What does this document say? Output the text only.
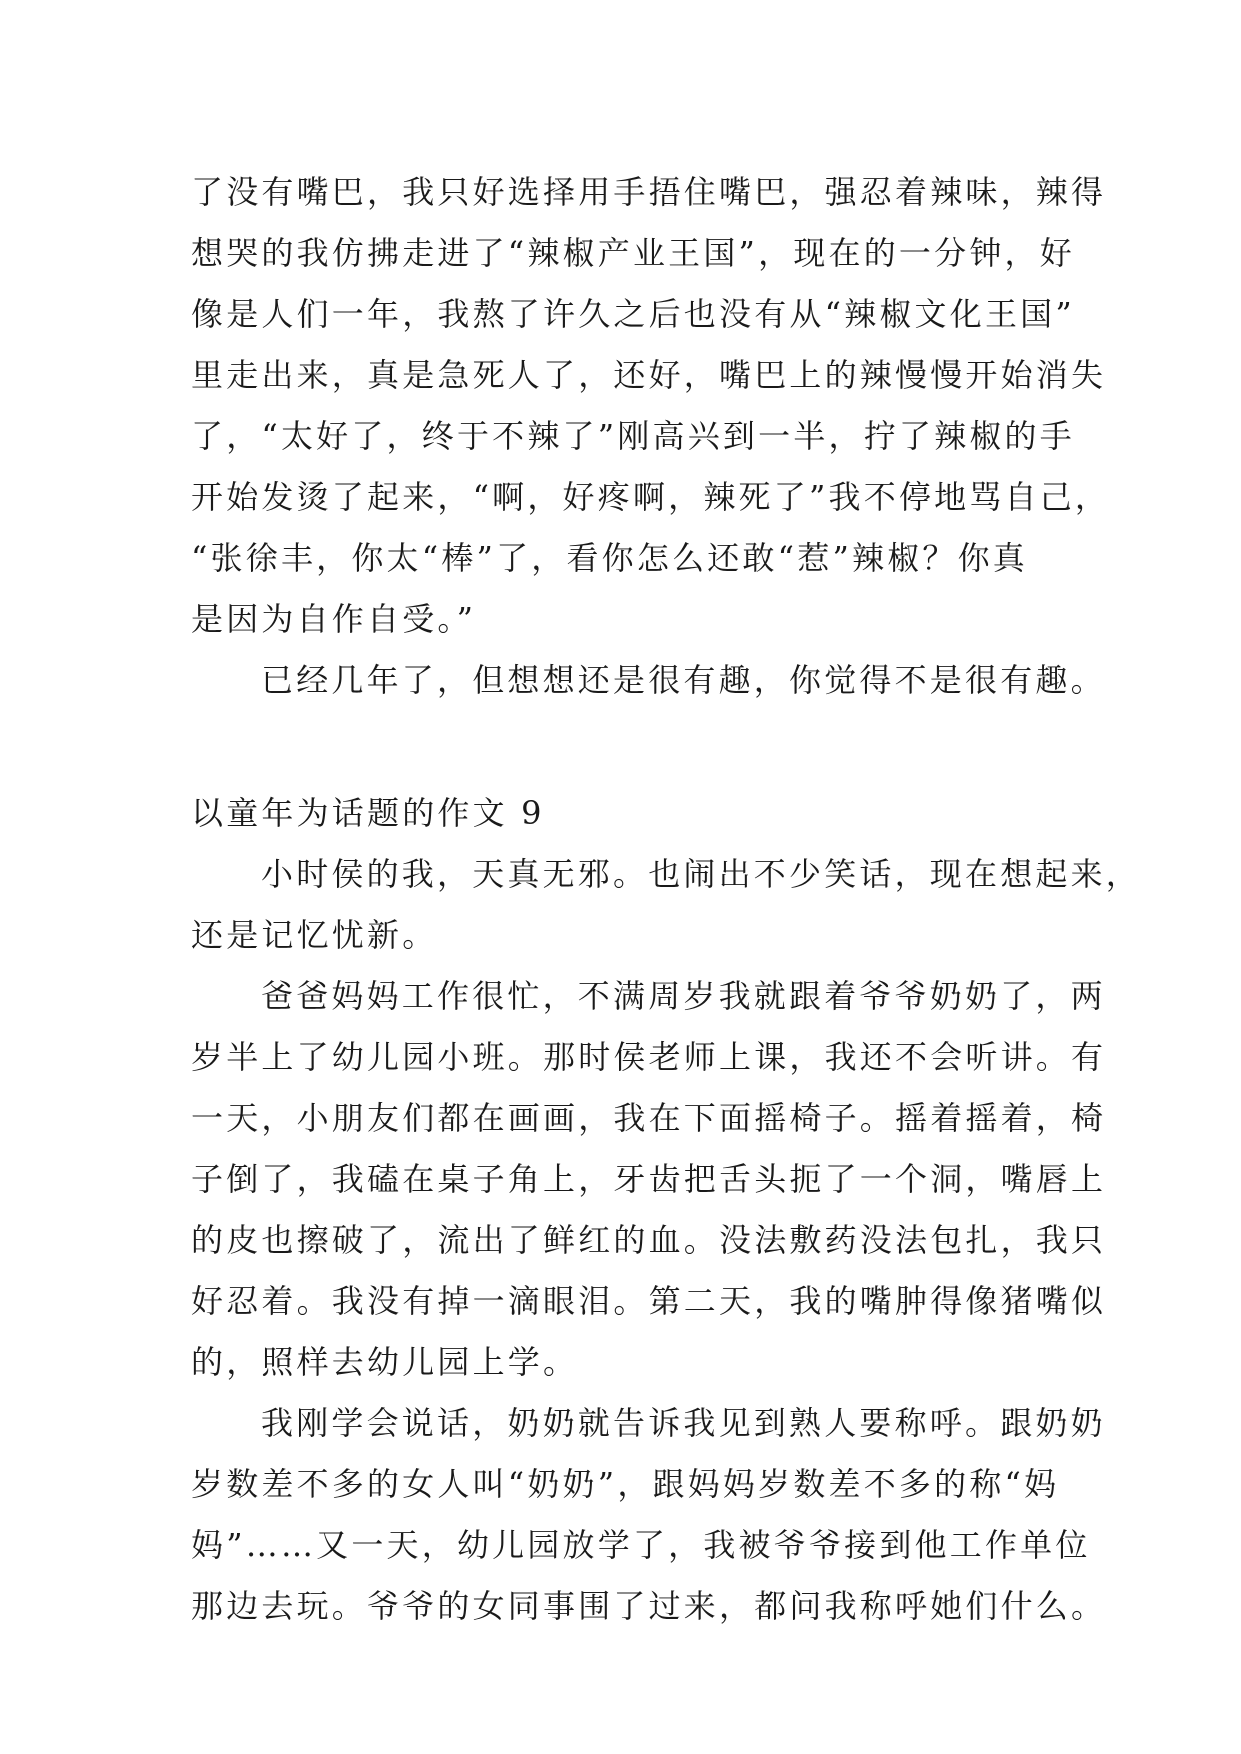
了没有嘴巴，我只好选择用手捂住嘴巴，强忍着辣味，辣得
想哭的我仿拂走进了“辣椒产业王国”，现在的一分钟，好
像是人们一年，我熬了许久之后也没有从“辣椒文化王国”
里走出来，真是急死人了，还好，嘴巴上的辣慢慢开始消失
了，“太好了，终于不辣了”刚高兴到一半，拧了辣椒的手
开始发烫了起来，“啊，好疼啊，辣死了”我不停地骂自己，
“张徐丰，你太“棒”了，看你怎么还敢“惹”辣椒？你真
是因为自作自受。”
已经几年了，但想想还是很有趣，你觉得不是很有趣。
以童年为话题的作文 9
小时侯的我，天真无邪。也闹出不少笑话，现在想起来，
还是记忆忧新。
爸爸妈妈工作很忙，不满周岁我就跟着爷爷奶奶了，两
岁半上了幼儿园小班。那时侯老师上课，我还不会听讲。有
一天，小朋友们都在画画，我在下面摇椅子。摇着摇着，椅
子倒了，我磕在桌子角上，牙齿把舌头扼了一个洞，嘴唇上
的皮也擦破了，流出了鲜红的血。没法敷药没法包扎，我只
好忍着。我没有掉一滴眼泪。第二天，我的嘴肿得像猪嘴似
的，照样去幼儿园上学。
我刚学会说话，奶奶就告诉我见到熟人要称呼。跟奶奶
岁数差不多的女人叫“奶奶”，跟妈妈岁数差不多的称“妈
妈”……又一天，幼儿园放学了，我被爷爷接到他工作单位
那边去玩。爷爷的女同事围了过来，都问我称呼她们什么。
